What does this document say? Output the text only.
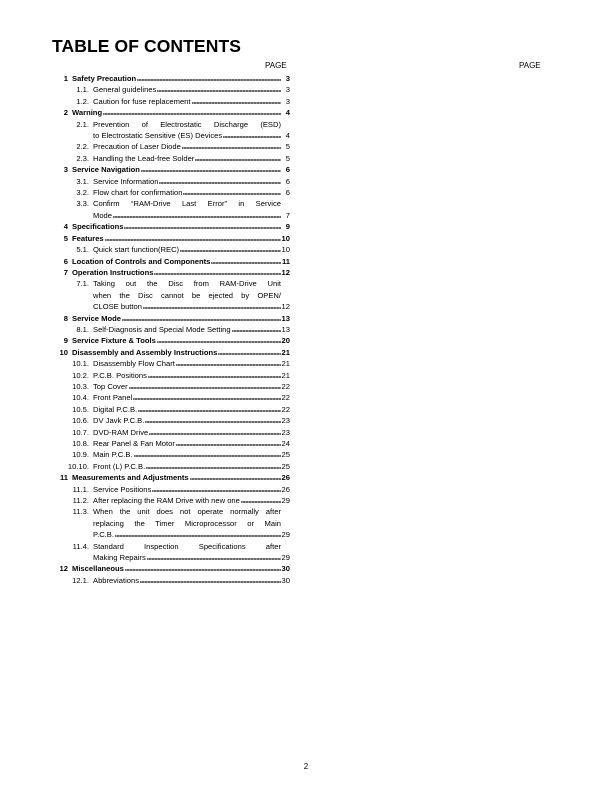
TABLE OF CONTENTS
PAGE	PAGE
1 Safety Precaution	3
1.1. General guidelines	3
1.2. Caution for fuse replacement	3
2 Warning	4
2.1. Prevention of Electrostatic Discharge (ESD)
to Electrostatic Sensitive (ES) Devices	4
2.2. Precaution of Laser Diode	5
2.3. Handling the Lead-free Solder	5
3 Service Navigation	6
3.1. Service Information	6
3.2. Flow chart for confirmation	6
3.3. Confirm “RAM-Drive Last Error” in Service
Mode	7
4 Specifications	9
5 Features	10
5.1. Quick start function(REC)	10
6 Location of Controls and Components	11
7 Operation Instructions	12
7.1. Taking out the Disc from RAM-Drive Unit
when the Disc cannot be ejected by OPEN/
CLOSE button	12
8 Service Mode	13
8.1. Self-Diagnosis and Special Mode Setting	13
9 Service Fixture & Tools	20
10 Disassembly and Assembly Instructions	21
10.1. Disassembly Flow Chart	21
10.2. P.C.B. Positions	21
10.3. Top Cover	22
10.4. Front Panel	22
10.5. Digital P.C.B.	22
10.6. DV Javk P.C.B.	23
10.7. DVD-RAM Drive	23
10.8. Rear Panel & Fan Motor	24
10.9. Main P.C.B.	25
10.10. Front (L) P.C.B.	25
11 Measurements and Adjustments	26
11.1. Service Positions	26
11.2. After replacing the RAM Drive with new one	29
11.3. When the unit does not operate normally after
replacing the Timer Microprocessor or Main
P.C.B.	29
11.4. Standard Inspection Specifications after
Making Repairs	29
12 Miscellaneous	30
12.1. Abbreviations	30
2
